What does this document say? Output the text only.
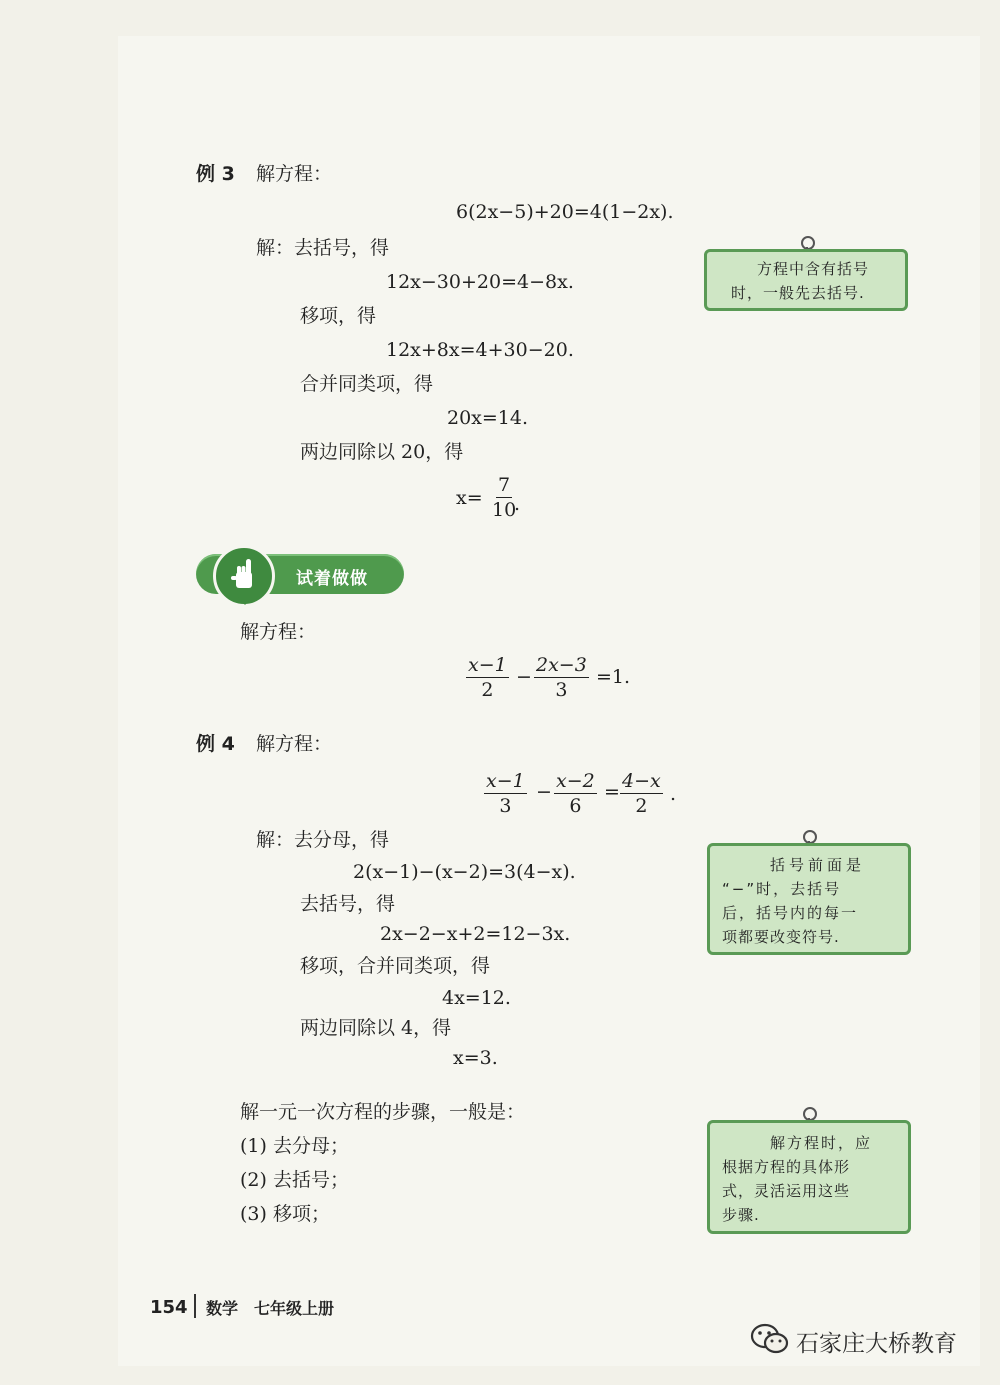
例 3 解方程：
6(2x−5)+20=4(1−2x).
解：去括号，得
12x−30+20=4−8x.
移项，得
12x+8x=4+30−20.
合并同类项，得
20x=14.
两边同除以 20，得
$x= \frac{7}{10}$
.
方程中含有括号
时，一般先去括号.
试着做做
解方程：
$\frac{x-1}{2} - \frac{2x-3}{3} =1$.
例 4 解方程：
$\frac{x-1}{3} - \frac{x-2}{6} = \frac{4-x}{2}$ .
解：去分母，得
2(x−1)−(x−2)=3(4−x).
去括号，得
2x−2−x+2=12−3x.
移项，合并同类项，得
4x=12.
两边同除以 4，得
x=3.
括号前面是
“−”时，去括号
后，括号内的每一
项都要改变符号.
解一元一次方程的步骤，一般是：
(1) 去分母；
(2) 去括号；
(3) 移项；
解方程时，应
根据方程的具体形
式，灵活运用这些
步骤.
154 数学 七年级上册
石家庄大桥教育
